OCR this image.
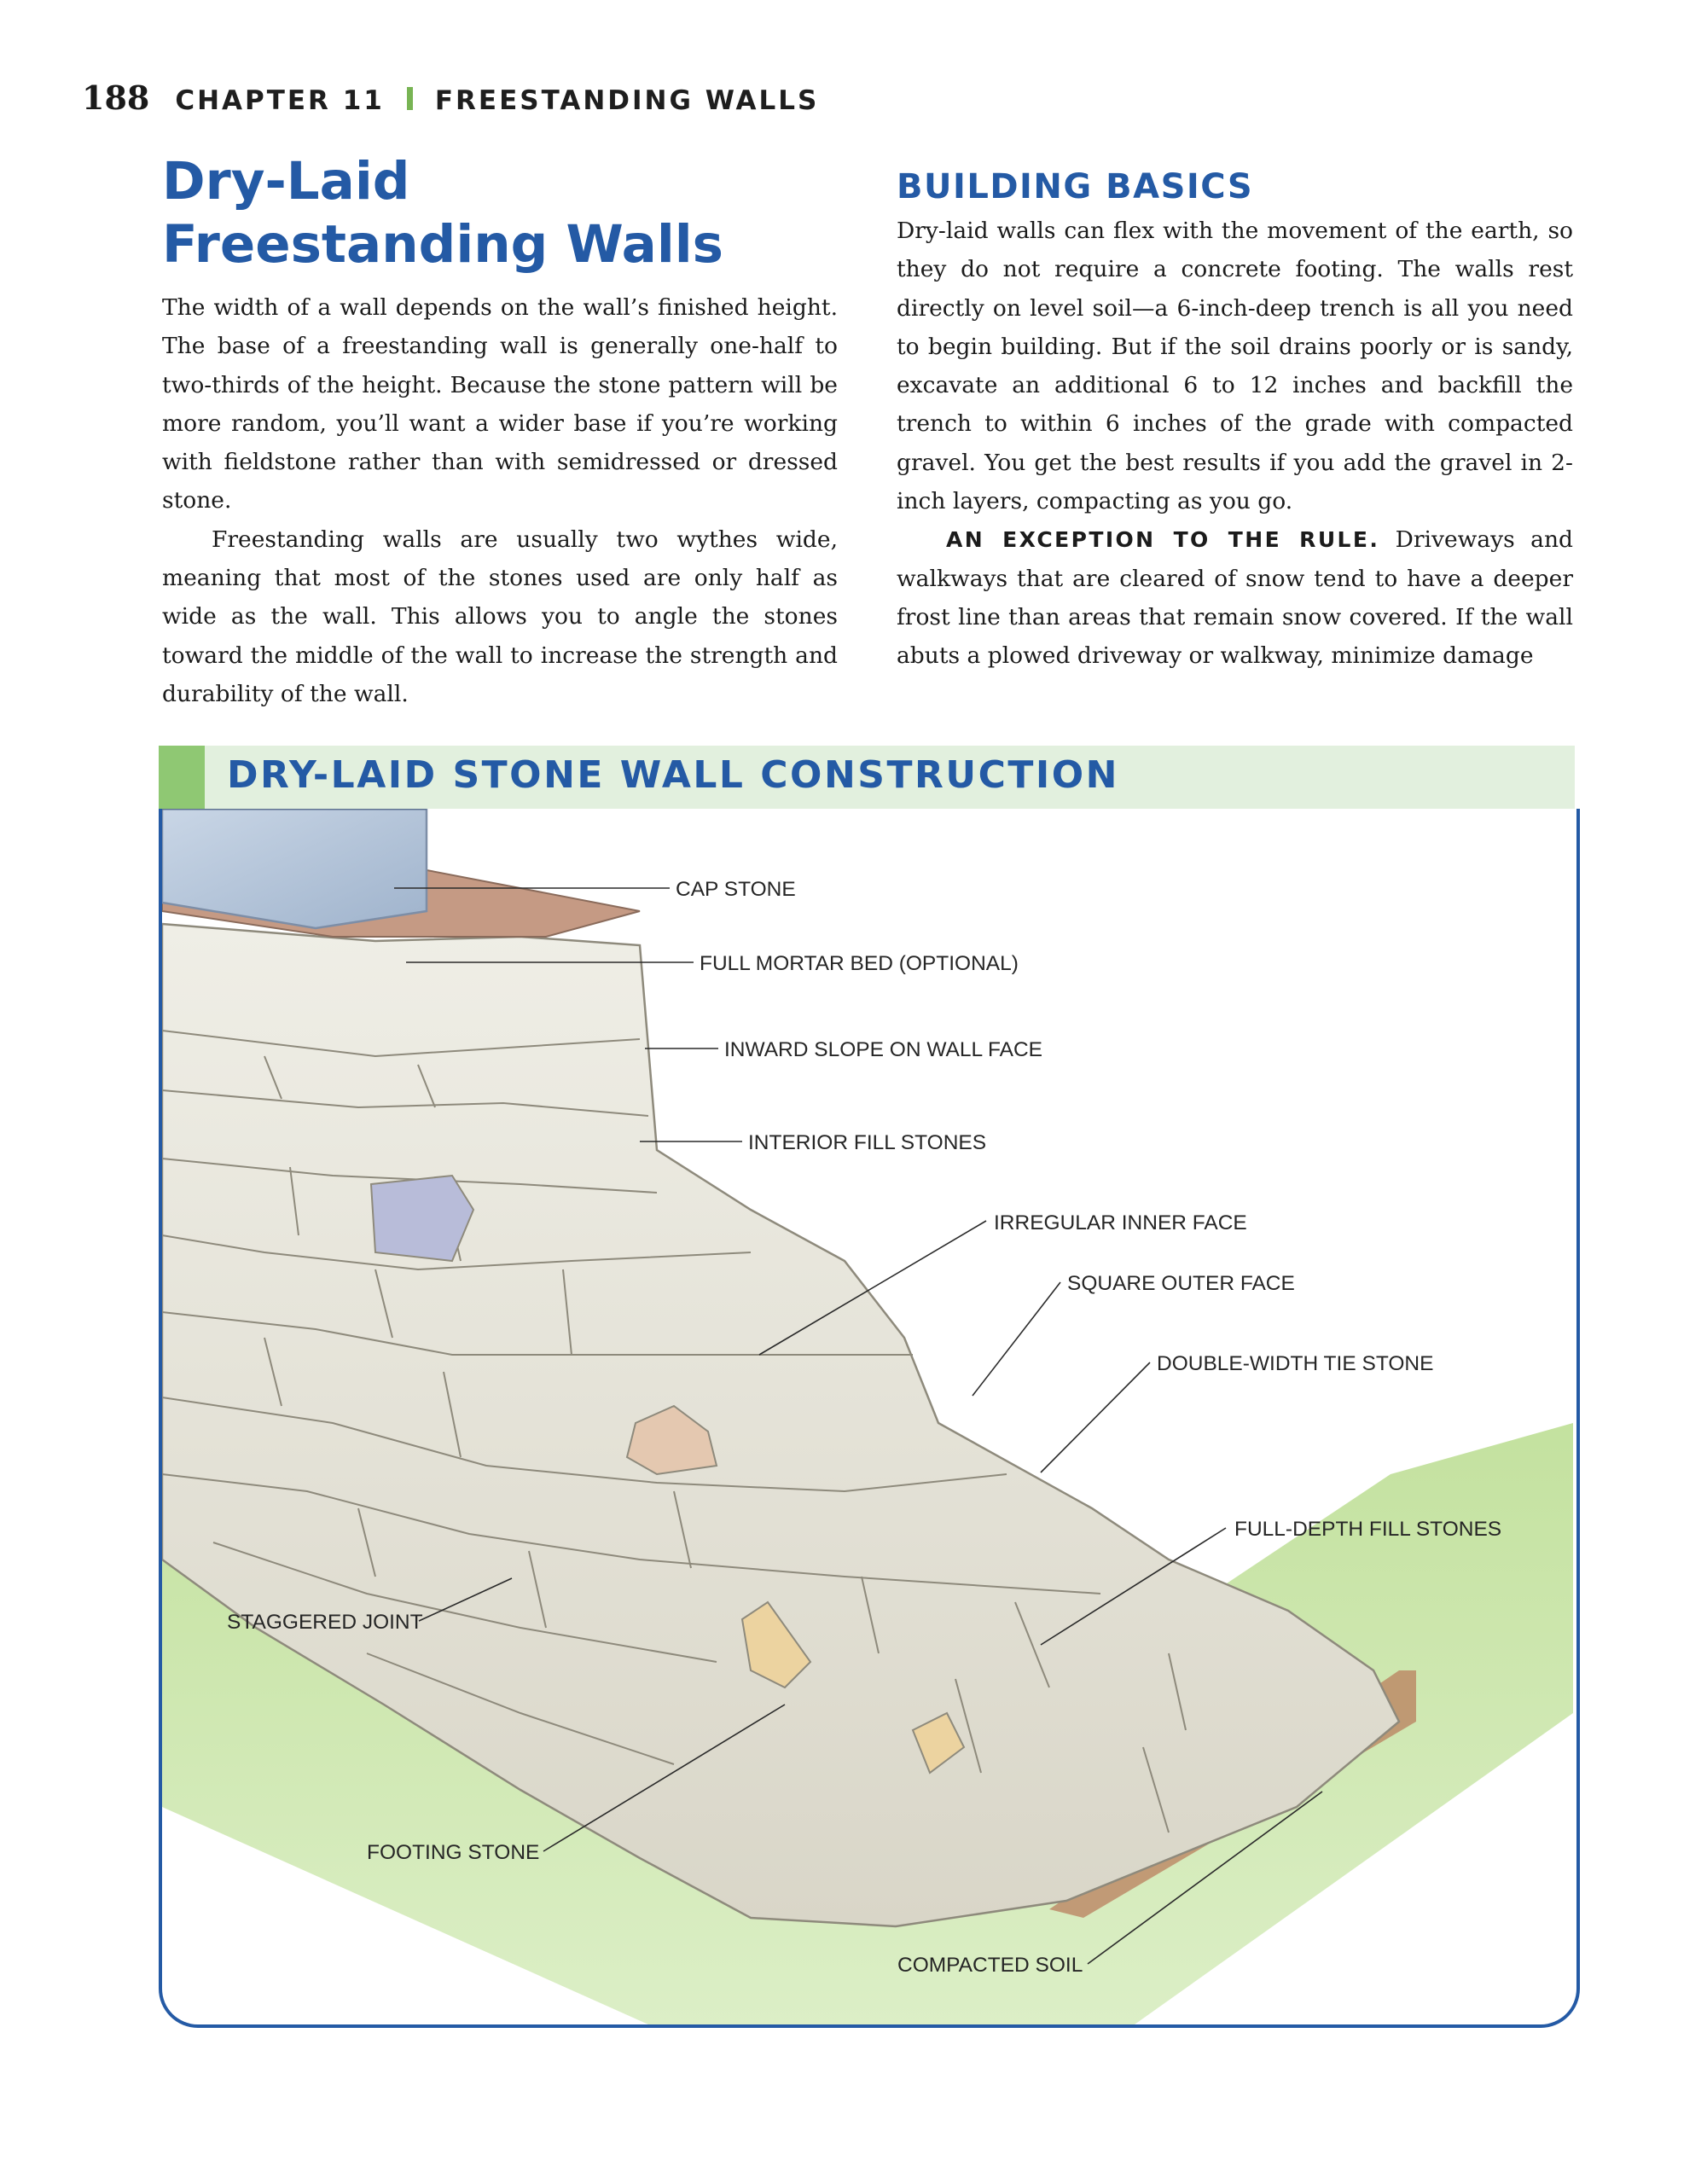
188 CHAPTER 11 FREESTANDING WALLS
Dry-Laid
Freestanding Walls

The width of a wall depends on the wall’s finished height. The base of a freestanding wall is generally one-half to two-thirds of the height. Because the stone pattern will be more random, you’ll want a wider base if you’re working with fieldstone rather than with semidressed or dressed stone.

Freestanding walls are usually two wythes wide, meaning that most of the stones used are only half as wide as the wall. This allows you to angle the stones toward the middle of the wall to increase the strength and durability of the wall.

BUILDING BASICS

Dry-laid walls can flex with the movement of the earth, so they do not require a concrete footing. The walls rest directly on level soil—a 6-inch-deep trench is all you need to begin building. But if the soil drains poorly or is sandy, excavate an additional 6 to 12 inches and backfill the trench to within 6 inches of the grade with compacted gravel. You get the best results if you add the gravel in 2-inch layers, compacting as you go.

AN EXCEPTION TO THE RULE. Driveways and walkways that are cleared of snow tend to have a deeper frost line than areas that remain snow covered. If the wall abuts a plowed driveway or walkway, minimize damage

DRY-LAID STONE WALL CONSTRUCTION
CAP STONE
FULL MORTAR BED (OPTIONAL)
INWARD SLOPE ON WALL FACE
INTERIOR FILL STONES
IRREGULAR INNER FACE
SQUARE OUTER FACE
DOUBLE-WIDTH TIE STONE
FULL-DEPTH FILL STONES
STAGGERED JOINT
FOOTING STONE
COMPACTED SOIL
